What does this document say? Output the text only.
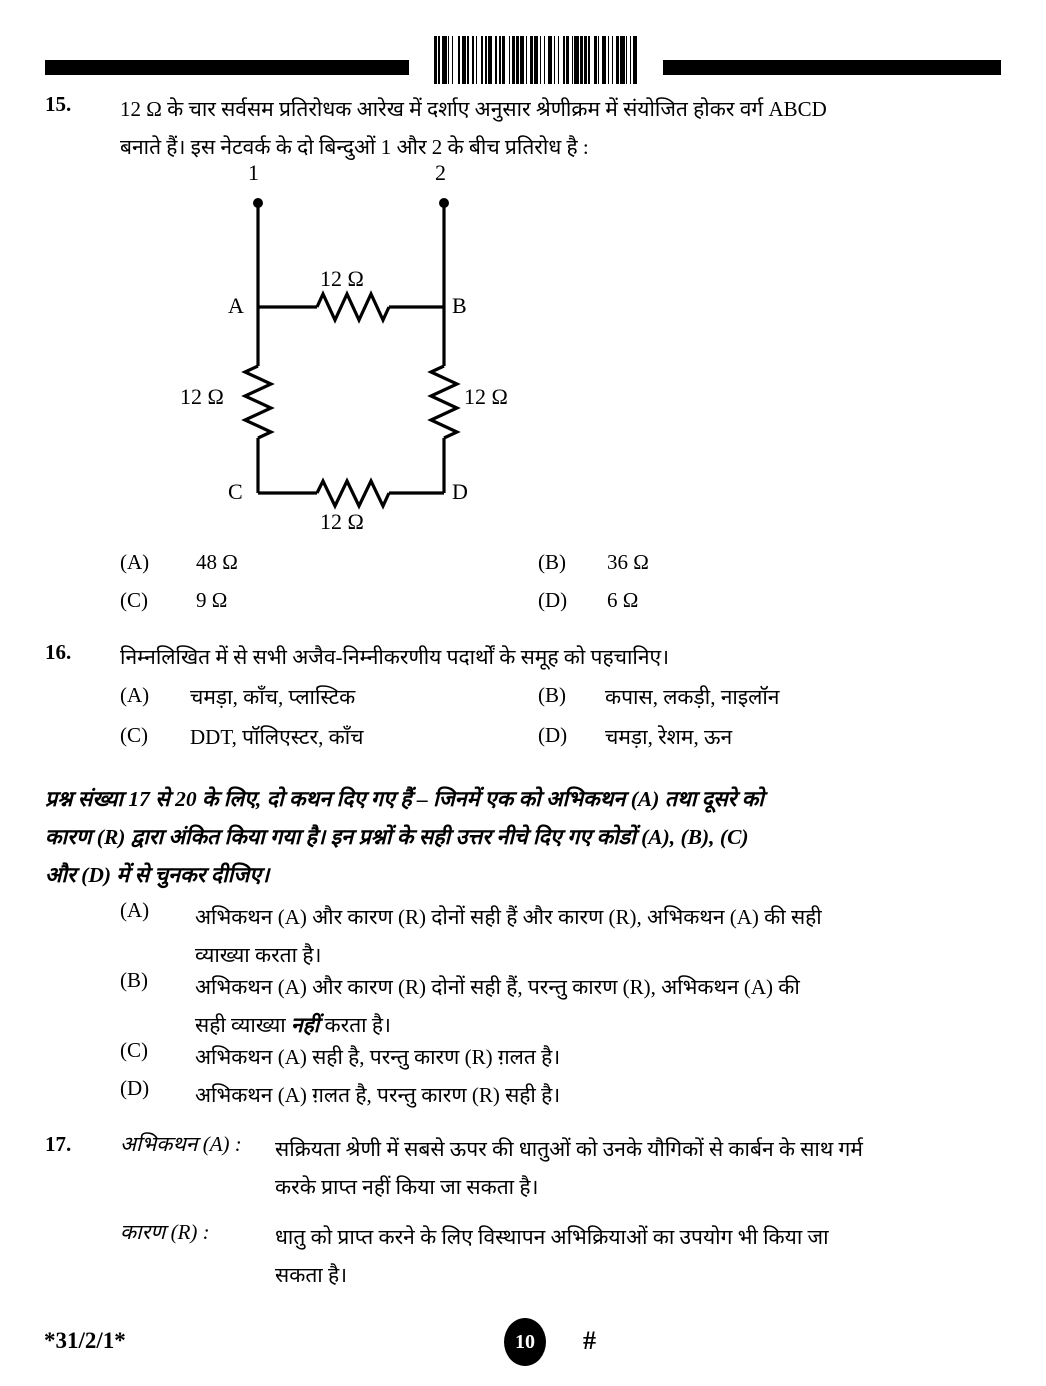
15. 12 Ω के चार सर्वसम प्रतिरोधक आरेख में दर्शाए अनुसार श्रेणीक्रम में संयोजित होकर वर्ग ABCD
बनाते हैं। इस नेटवर्क के दो बिन्दुओं 1 और 2 के बीच प्रतिरोध है :
1	2
A	B
C	D
12 Ω
12 Ω	12 Ω
12 Ω
(A) 48 Ω	(B) 36 Ω
(C) 9 Ω	(D) 6 Ω
16. निम्नलिखित में से सभी अजैव-निम्नीकरणीय पदार्थों के समूह को पहचानिए।
(A) चमड़ा, काँच, प्लास्टिक	(B) कपास, लकड़ी, नाइलॉन
(C) DDT, पॉलिएस्टर, काँच	(D) चमड़ा, रेशम, ऊन
प्रश्न संख्या 17 से 20 के लिए, दो कथन दिए गए हैं – जिनमें एक को अभिकथन (A) तथा दूसरे को
कारण (R) द्वारा अंकित किया गया है। इन प्रश्नों के सही उत्तर नीचे दिए गए कोडों (A), (B), (C)
और (D) में से चुनकर दीजिए।
(A) अभिकथन (A) और कारण (R) दोनों सही हैं और कारण (R), अभिकथन (A) की सही
व्याख्या करता है।
(B) अभिकथन (A) और कारण (R) दोनों सही हैं, परन्तु कारण (R), अभिकथन (A) की
सही व्याख्या नहीं करता है।
(C) अभिकथन (A) सही है, परन्तु कारण (R) ग़लत है।
(D) अभिकथन (A) ग़लत है, परन्तु कारण (R) सही है।
17. अभिकथन (A) : सक्रियता श्रेणी में सबसे ऊपर की धातुओं को उनके यौगिकों से कार्बन के साथ गर्म
करके प्राप्त नहीं किया जा सकता है।
कारण (R) :	धातु को प्राप्त करने के लिए विस्थापन अभिक्रियाओं का उपयोग भी किया जा
सकता है।
*31/2/1*	10	#
